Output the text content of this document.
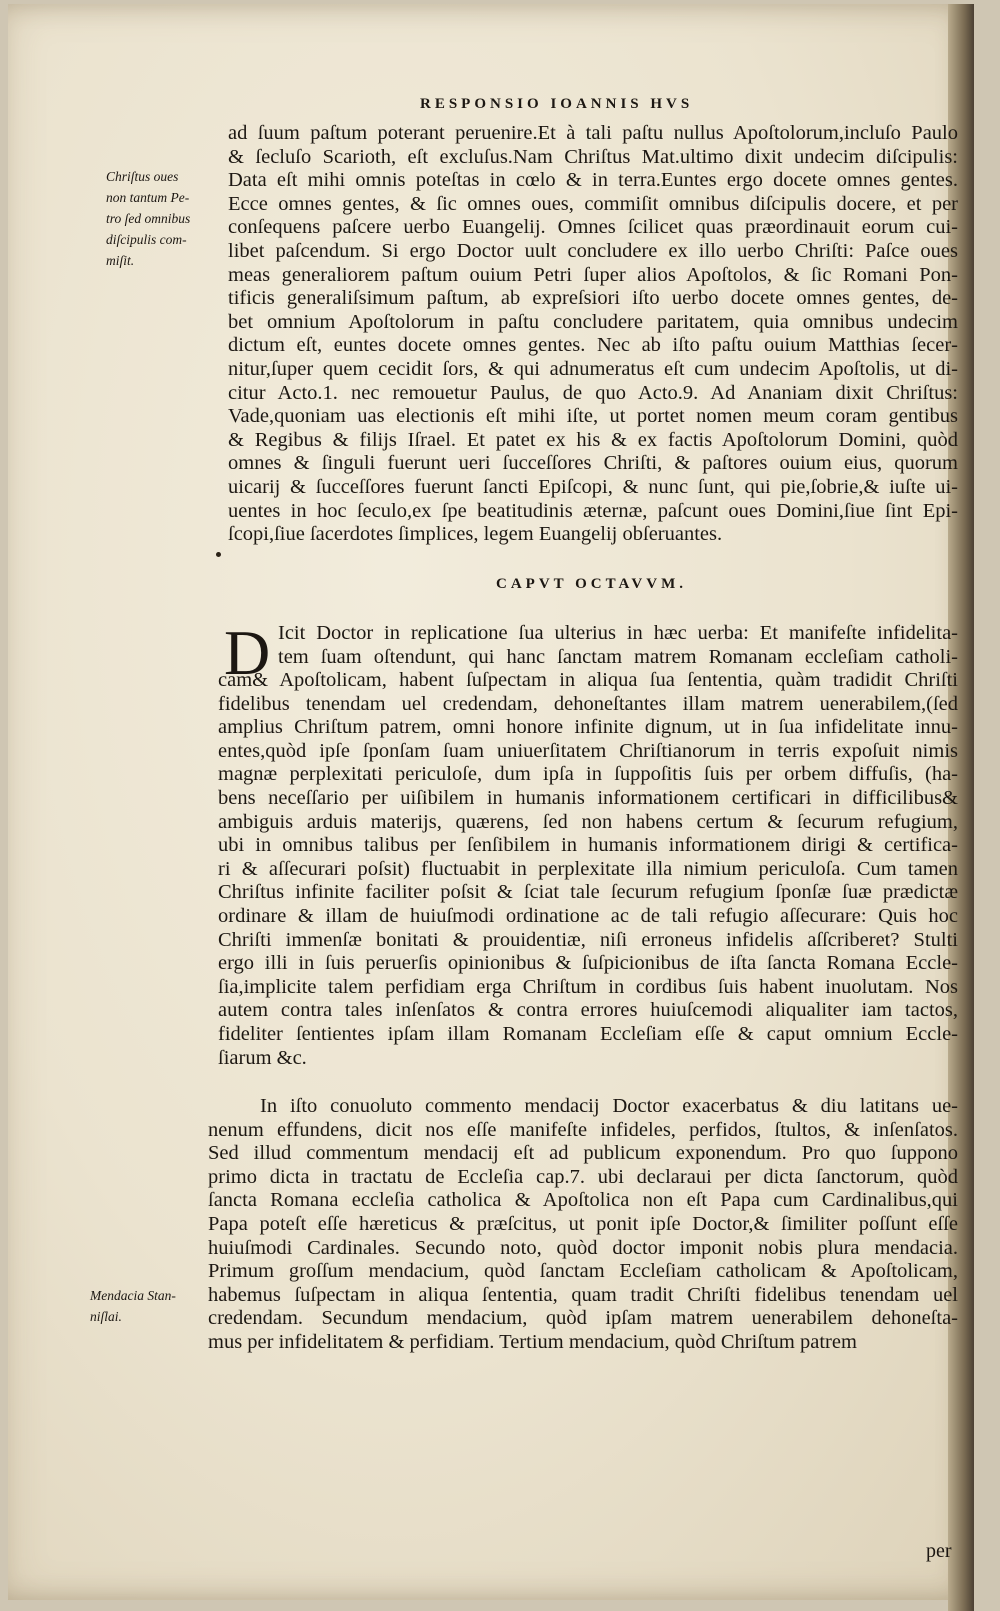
RESPONSIO IOANNIS HVS
Chriſtus oues
non tantum Pe‑
tro ſed omnibus
diſcipulis com‑
miſit.
ad ſuum paſtum poterant peruenire.Et à tali paſtu nullus Apoſtolorum,incluſo Paulo
& ſecluſo Scarioth, eſt excluſus.Nam Chriſtus Mat.ultimo dixit undecim diſcipulis:
Data eſt mihi omnis poteſtas in cœlo & in terra.Euntes ergo docete omnes gentes.
Ecce omnes gentes, & ſic omnes oues, commiſit omnibus diſcipulis docere, et per
conſequens paſcere uerbo Euangelij. Omnes ſcilicet quas præordinauit eorum cui‑
libet paſcendum. Si ergo Doctor uult concludere ex illo uerbo Chriſti: Paſce oues
meas generaliorem paſtum ouium Petri ſuper alios Apoſtolos, & ſic Romani Pon‑
tificis generaliſsimum paſtum, ab expreſsiori iſto uerbo docete omnes gentes, de‑
bet omnium Apoſtolorum in paſtu concludere paritatem, quia omnibus undecim
dictum eſt, euntes docete omnes gentes. Nec ab iſto paſtu ouium Matthias ſecer‑
nitur,ſuper quem cecidit ſors, & qui adnumeratus eſt cum undecim Apoſtolis, ut di‑
citur Acto.1. nec remouetur Paulus, de quo Acto.9. Ad Ananiam dixit Chriſtus:
Vade,quoniam uas electionis eſt mihi iſte, ut portet nomen meum coram gentibus
& Regibus & filijs Iſrael. Et patet ex his & ex factis Apoſtolorum Domini, quòd
omnes & ſinguli fuerunt ueri ſucceſſores Chriſti, & paſtores ouium eius, quorum
uicarij & ſucceſſores fuerunt ſancti Epiſcopi, & nunc ſunt, qui pie,ſobrie,& iuſte ui‑
uentes in hoc ſeculo,ex ſpe beatitudinis æternæ, paſcunt oues Domini,ſiue ſint Epi‑
ſcopi,ſiue ſacerdotes ſimplices, legem Euangelij obſeruantes.
CAPVT OCTAVVM.
D Icit Doctor in replicatione ſua ulterius in hæc uerba: Et manifeſte infidelita‑
tem ſuam oſtendunt, qui hanc ſanctam matrem Romanam eccleſiam catholi‑
cam& Apoſtolicam, habent ſuſpectam in aliqua ſua ſententia, quàm tradidit Chriſti
fidelibus tenendam uel credendam, dehoneſtantes illam matrem uenerabilem,(ſed
amplius Chriſtum patrem, omni honore infinite dignum, ut in ſua infidelitate innu‑
entes,quòd ipſe ſponſam ſuam uniuerſitatem Chriſtianorum in terris expoſuit nimis
magnæ perplexitati periculoſe, dum ipſa in ſuppoſitis ſuis per orbem diffuſis, (ha‑
bens neceſſario per uiſibilem in humanis informationem certificari in difficilibus&
ambiguis arduis materijs, quærens, ſed non habens certum & ſecurum refugium,
ubi in omnibus talibus per ſenſibilem in humanis informationem dirigi & certifica‑
ri & aſſecurari poſsit) fluctuabit in perplexitate illa nimium periculoſa. Cum tamen
Chriſtus infinite faciliter poſsit & ſciat tale ſecurum refugium ſponſæ ſuæ prædictæ
ordinare & illam de huiuſmodi ordinatione ac de tali refugio aſſecurare: Quis hoc
Chriſti immenſæ bonitati & prouidentiæ, niſi erroneus infidelis aſſcriberet? Stulti
ergo illi in ſuis peruerſis opinionibus & ſuſpicionibus de iſta ſancta Romana Eccle‑
ſia,implicite talem perfidiam erga Chriſtum in cordibus ſuis habent inuolutam. Nos
autem contra tales inſenſatos & contra errores huiuſcemodi aliqualiter iam tactos,
fideliter ſentientes ipſam illam Romanam Eccleſiam eſſe & caput omnium Eccle‑
ſiarum &c.
In iſto conuoluto commento mendacij Doctor exacerbatus & diu latitans ue‑
nenum effundens, dicit nos eſſe manifeſte infideles, perfidos, ſtultos, & inſenſatos.
Sed illud commentum mendacij eſt ad publicum exponendum. Pro quo ſuppono
primo dicta in tractatu de Eccleſia cap.7. ubi declaraui per dicta ſanctorum, quòd
ſancta Romana eccleſia catholica & Apoſtolica non eſt Papa cum Cardinalibus,qui
Papa poteſt eſſe hæreticus & præſcitus, ut ponit ipſe Doctor,& ſimiliter poſſunt eſſe
huiuſmodi Cardinales. Secundo noto, quòd doctor imponit nobis plura mendacia.
Primum groſſum mendacium, quòd ſanctam Eccleſiam catholicam & Apoſtolicam,
habemus ſuſpectam in aliqua ſententia, quam tradit Chriſti fidelibus tenendam uel
credendam. Secundum mendacium, quòd ipſam matrem uenerabilem dehoneſta‑
mus per infidelitatem & perfidiam. Tertium mendacium, quòd Chriſtum patrem
Mendacia Stan‑
niſlai.
per
